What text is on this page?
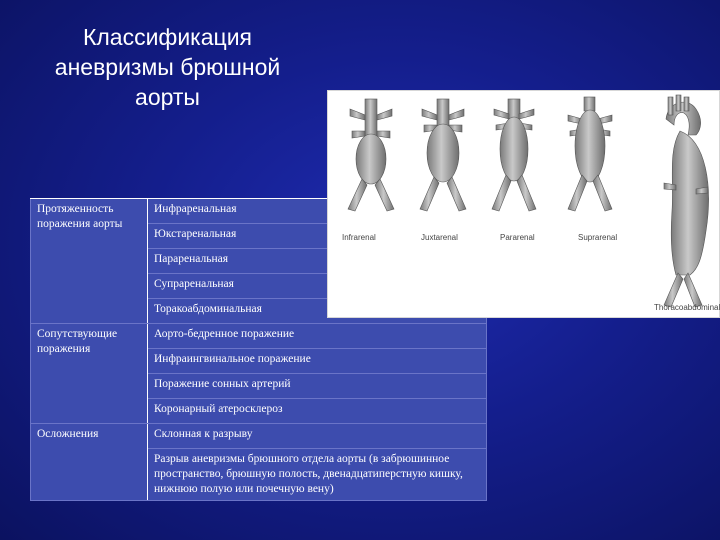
Классификация аневризмы брюшной аорты
Протяженность поражения аорты	Инфраренальная
	Юкстаренальная
	Параренальная
	Супраренальная
	Торакоабдоминальная
Сопутствующие поражения	Аорто-бедренное поражение
	Инфраингвинальное поражение
	Поражение сонных артерий
	Коронарный атеросклероз
Осложнения	Склонная к разрыву
	Разрыв аневризмы брюшного отдела аорты (в забрюшинное пространство, брюшную полость, двенадцатиперстную кишку, нижнюю полую или почечную вену)
Infrarenal	Juxtarenal	Pararenal	Suprarenal
Thoracoabdominal
